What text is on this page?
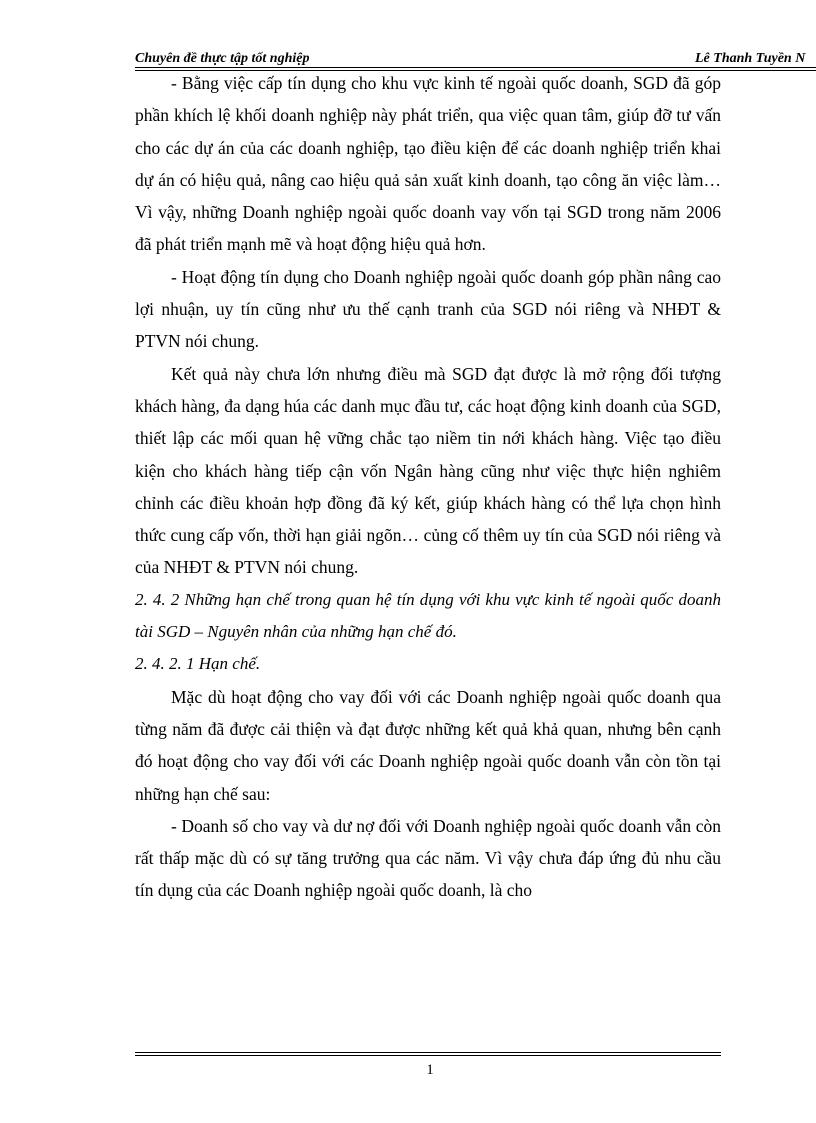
Chuyên đề thực tập tốt nghiệp	Lê Thanh Tuyền N

- Bằng việc cấp tín dụng cho khu vực kinh tế ngoài quốc doanh, SGD đã góp phần khích lệ khối doanh nghiệp này phát triển, qua việc quan tâm, giúp đỡ tư vấn cho các dự án của các doanh nghiệp, tạo điều kiện để các doanh nghiệp triển khai dự án có hiệu quả, nâng cao hiệu quả sản xuất kinh doanh, tạo công ăn việc làm… Vì vậy, những Doanh nghiệp ngoài quốc doanh vay vốn tại SGD trong năm 2006 đã phát triển mạnh mẽ và hoạt động hiệu quả hơn.

- Hoạt động tín dụng cho Doanh nghiệp ngoài quốc doanh góp phần nâng cao lợi nhuận, uy tín cũng như ưu thế cạnh tranh của SGD nói riêng và NHĐT & PTVN nói chung.

Kết quả này chưa lớn nhưng điều mà SGD đạt được là mở rộng đối tượng khách hàng, đa dạng húa các danh mục đầu tư, các hoạt động kinh doanh của SGD, thiết lập các mối quan hệ vững chắc tạo niềm tin nới khách hàng. Việc tạo điều kiện cho khách hàng tiếp cận vốn Ngân hàng cũng như việc thực hiện nghiêm chỉnh các điều khoản hợp đồng đã ký kết, giúp khách hàng có thể lựa chọn hình thức cung cấp vốn, thời hạn giải ngõn… củng cố thêm uy tín của SGD nói riêng và của NHĐT & PTVN nói chung.

2. 4. 2 Những hạn chế trong quan hệ tín dụng với khu vực kinh tế ngoài quốc doanh tài SGD – Nguyên nhân của những hạn chế đó.

2. 4. 2. 1 Hạn chế.

Mặc dù hoạt động cho vay đối với các Doanh nghiệp ngoài quốc doanh qua từng năm đã được cải thiện và đạt được những kết quả khả quan, nhưng bên cạnh đó hoạt động cho vay đối với các Doanh nghiệp ngoài quốc doanh vẫn còn tồn tại những hạn chế sau:

- Doanh số cho vay và dư nợ đối với Doanh nghiệp ngoài quốc doanh vẫn còn rất thấp mặc dù có sự tăng trưởng qua các năm. Vì vậy chưa đáp ứng đủ nhu cầu tín dụng của các Doanh nghiệp ngoài quốc doanh, là cho

1
